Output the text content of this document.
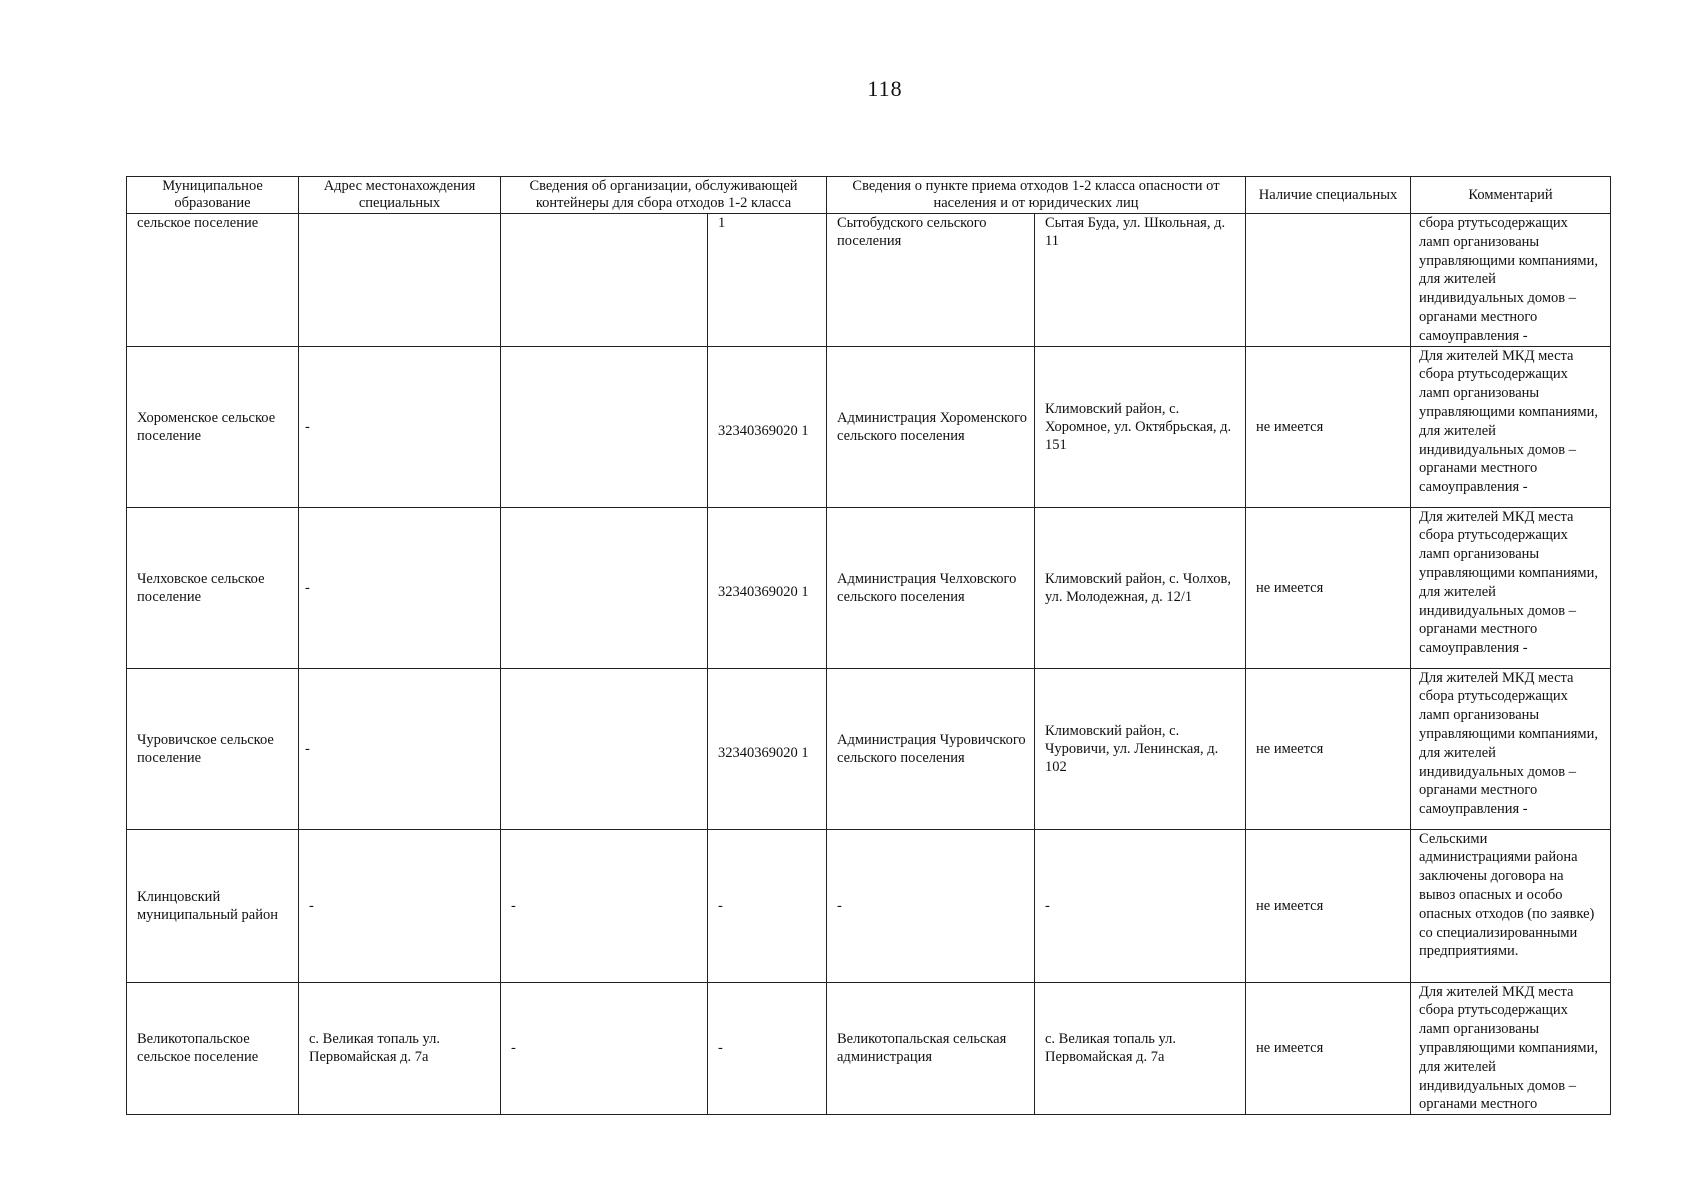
118
Муниципальное образование	Адрес местонахождения специальных	Сведения об организации, обслуживающей контейнеры для сбора отходов 1-2 класса		Сведения о пункте приема отходов 1-2 класса опасности от населения и от юридических лиц		Наличие специальных	Комментарий
сельское поселение			1	Сытобудского сельского поселения	Сытая Буда, ул. Школьная, д. 11		сбора ртутьсодержащих ламп организованы управляющими компаниями, для жителей индивидуальных домов – органами местного самоуправления -
Хороменское сельское поселение	-		32340369020 1	Администрация Хороменского сельского поселения	Климовский район, с. Хоромное, ул. Октябрьская, д. 151	не имеется	Для жителей МКД места сбора ртутьсодержащих ламп организованы управляющими компаниями, для жителей индивидуальных домов – органами местного самоуправления -
Челховское сельское поселение	-		32340369020 1	Администрация Челховского сельского поселения	Климовский район, с. Чолхов, ул. Молодежная, д. 12/1	не имеется	Для жителей МКД места сбора ртутьсодержащих ламп организованы управляющими компаниями, для жителей индивидуальных домов – органами местного самоуправления -
Чуровичское сельское поселение	-		32340369020 1	Администрация Чуровичского сельского поселения	Климовский район, с. Чуровичи, ул. Ленинская, д. 102	не имеется	Для жителей МКД места сбора ртутьсодержащих ламп организованы управляющими компаниями, для жителей индивидуальных домов – органами местного самоуправления -
Клинцовский муниципальный район	-	-	-	-	-	не имеется	Сельскими администрациями района заключены договора на вывоз опасных и особо опасных отходов (по заявке) со специализированными предприятиями.
Великотопальское сельское поселение	с. Великая топаль ул. Первомайская д. 7а	-	-	Великотопальская сельская администрация	с. Великая топаль ул. Первомайская д. 7а	не имеется	Для жителей МКД места сбора ртутьсодержащих ламп организованы управляющими компаниями, для жителей индивидуальных домов – органами местного
